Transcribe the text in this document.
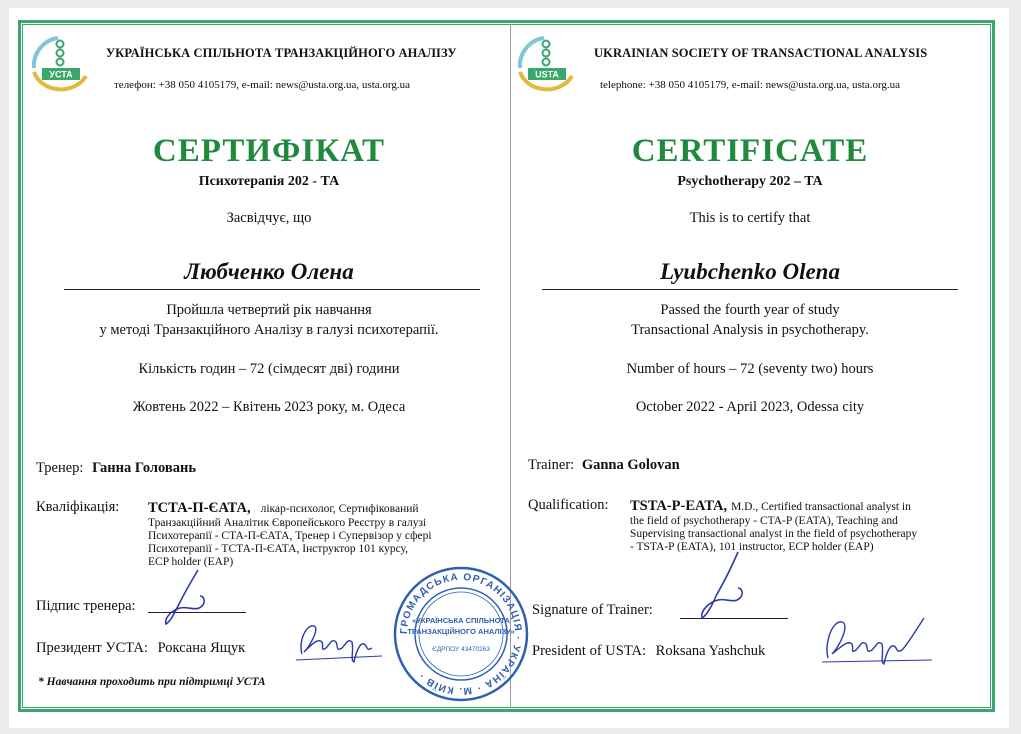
УСТА
УКРАЇНСЬКА СПІЛЬНОТА ТРАНЗАКЦІЙНОГО АНАЛІЗУ
телефон: +38 050 4105179, e-mail: news@usta.org.ua, usta.org.ua
СЕРТИФІКАТ
Психотерапія 202 - ТА
Засвідчує, що
Любченко Олена
Пройшла четвертий рік навчання
у методі Транзакційного Аналізу в галузі психотерапії.
Кількість годин – 72 (сімдесят дві) години
Жовтень 2022 – Квітень 2023 року, м. Одеса
Тренер: Ганна Головань
Кваліфікація: ТСТА-П-ЄАТА, лікар-психолог, Сертифікований
Транзакційний Аналітик Європейського Реєстру в галузі
Психотерапії - СТА-П-ЄАТА, Тренер і Супервізор у сфері
Психотерапії - ТСТА-П-ЄАТА, Інструктор 101 курсу,
ECP holder (EAP)
Підпис тренера:
Президент УСТА: Роксана Ящук
* Навчання проходить при підтримці УСТА
ГРОМАДСЬКА ОРГАНІЗАЦІЯ · УКРАЇНА · М. КИЇВ ·
«УКРАЇНСЬКА СПІЛЬНОТА
ТРАНЗАКЦІЙНОГО АНАЛІЗУ»
ЄДРПОУ 43470263
USTA
UKRAINIAN SOCIETY OF TRANSACTIONAL ANALYSIS
telephone: +38 050 4105179, e-mail: news@usta.org.ua, usta.org.ua
CERTIFICATE
Psychotherapy 202 – TA
This is to certify that
Lyubchenko Olena
Passed the fourth year of study
Transactional Analysis in psychotherapy.
Number of hours – 72 (seventy two) hours
October 2022 - April 2023, Odessa city
Trainer: Ganna Golovan
Qualification: TSTA-P-EATA, M.D., Certified transactional analyst in
the field of psychotherapy - CTA-P (EATA), Teaching and
Supervising transactional analyst in the field of psychotherapy
- TSTA-P (EATA), 101 instructor, ECP holder (EAP)
Signature of Trainer:
President of USTA: Roksana Yashchuk
